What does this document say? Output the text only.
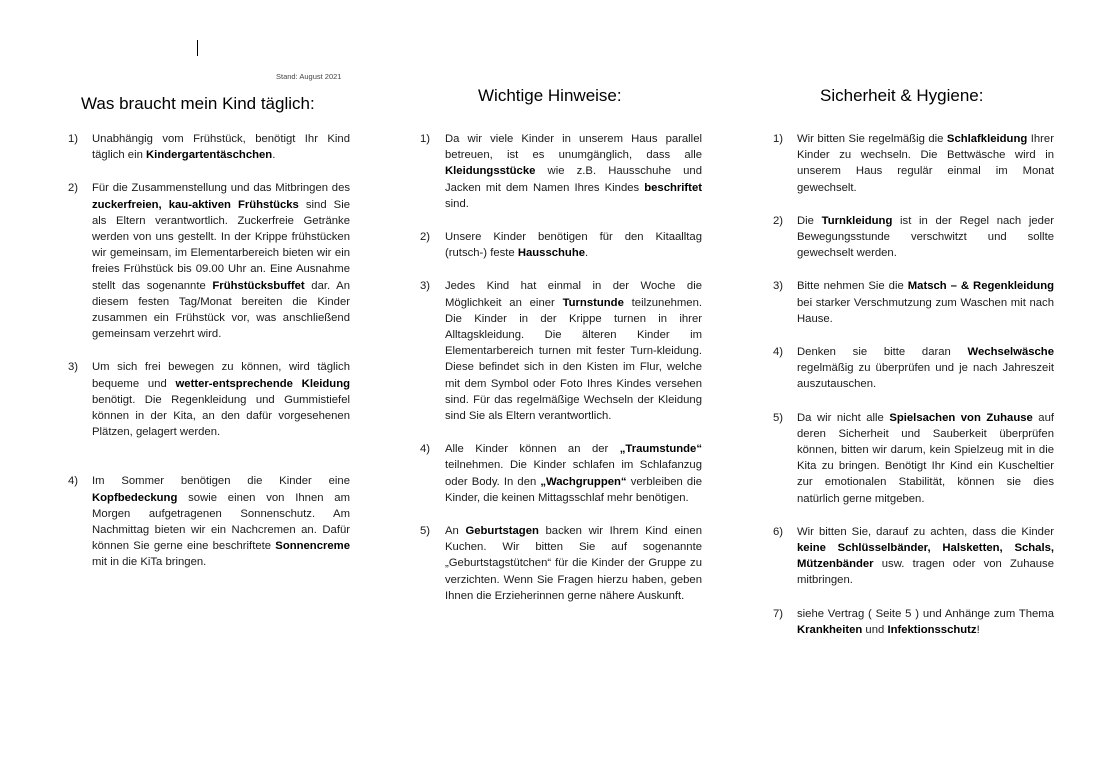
Stand: August 2021
Was braucht mein Kind täglich:
1) Unabhängig vom Frühstück, benötigt Ihr Kind täglich ein Kindergartentäschchen.
2) Für die Zusammenstellung und das Mitbringen des zuckerfreien, kau-aktiven Frühstücks sind Sie als Eltern verantwortlich. Zuckerfreie Getränke werden von uns gestellt. In der Krippe frühstücken wir gemeinsam, im Elementarbereich bieten wir ein freies Frühstück bis 09.00 Uhr an. Eine Ausnahme stellt das sogenannte Frühstücksbuffet dar. An diesem festen Tag/Monat bereiten die Kinder zusammen ein Frühstück vor, was anschließend gemeinsam verzehrt wird.
3) Um sich frei bewegen zu können, wird täglich bequeme und wetter-entsprechende Kleidung benötigt. Die Regenkleidung und Gummistiefel können in der Kita, an den dafür vorgesehenen Plätzen, gelagert werden.
4) Im Sommer benötigen die Kinder eine Kopfbedeckung sowie einen von Ihnen am Morgen aufgetragenen Sonnenschutz. Am Nachmittag bieten wir ein Nachcremen an. Dafür können Sie gerne eine beschriftete Sonnencreme mit in die KiTa bringen.
Wichtige Hinweise:
1) Da wir viele Kinder in unserem Haus parallel betreuen, ist es unumgänglich, dass alle Kleidungsstücke wie z.B. Hausschuhe und Jacken mit dem Namen Ihres Kindes beschriftet sind.
2) Unsere Kinder benötigen für den Kitaalltag (rutsch-) feste Hausschuhe.
3) Jedes Kind hat einmal in der Woche die Möglichkeit an einer Turnstunde teilzunehmen. Die Kinder in der Krippe turnen in ihrer Alltagskleidung. Die älteren Kinder im Elementarbereich turnen mit fester Turn-kleidung. Diese befindet sich in den Kisten im Flur, welche mit dem Symbol oder Foto Ihres Kindes versehen sind. Für das regelmäßige Wechseln der Kleidung sind Sie als Eltern verantwortlich.
4) Alle Kinder können an der „Traumstunde“ teilnehmen. Die Kinder schlafen im Schlafanzug oder Body. In den „Wachgruppen“ verbleiben die Kinder, die keinen Mittagsschlaf mehr benötigen.
5) An Geburtstagen backen wir Ihrem Kind einen Kuchen. Wir bitten Sie auf sogenannte „Geburtstagstütchen“ für die Kinder der Gruppe zu verzichten. Wenn Sie Fragen hierzu haben, geben Ihnen die Erzieherinnen gerne nähere Auskunft.
Sicherheit & Hygiene:
1) Wir bitten Sie regelmäßig die Schlafkleidung Ihrer Kinder zu wechseln. Die Bettwäsche wird in unserem Haus regulär einmal im Monat gewechselt.
2) Die Turnkleidung ist in der Regel nach jeder Bewegungsstunde verschwitzt und sollte gewechselt werden.
3) Bitte nehmen Sie die Matsch – & Regenkleidung bei starker Verschmutzung zum Waschen mit nach Hause.
4) Denken sie bitte daran Wechselwäsche regelmäßig zu überprüfen und je nach Jahreszeit auszutauschen.
5) Da wir nicht alle Spielsachen von Zuhause auf deren Sicherheit und Sauberkeit überprüfen können, bitten wir darum, kein Spielzeug mit in die Kita zu bringen. Benötigt Ihr Kind ein Kuscheltier zur emotionalen Stabilität, können sie dies natürlich gerne mitgeben.
6) Wir bitten Sie, darauf zu achten, dass die Kinder keine Schlüsselbänder, Halsketten, Schals, Mützenbänder usw. tragen oder von Zuhause mitbringen.
7) siehe Vertrag ( Seite 5 ) und Anhänge zum Thema Krankheiten und Infektionsschutz!
